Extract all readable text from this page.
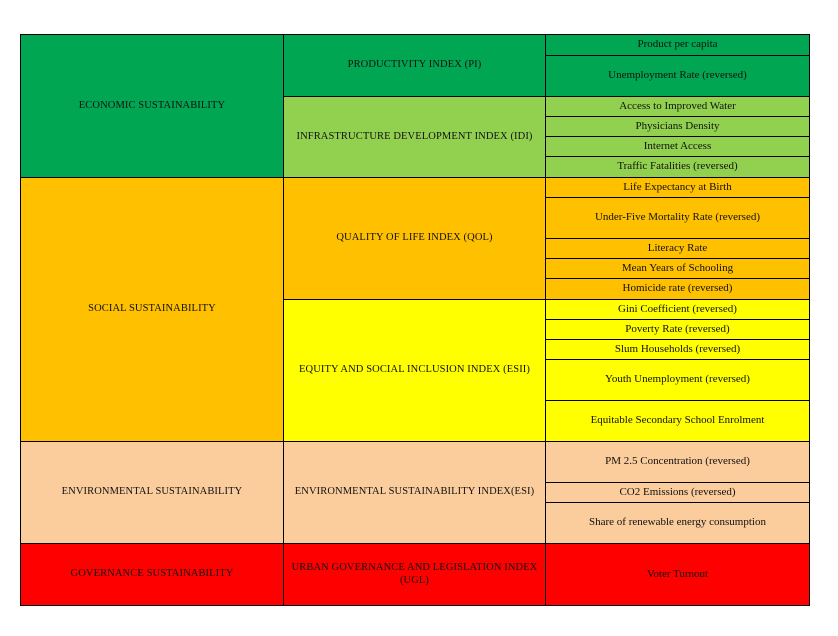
ECONOMIC SUSTAINABILITY	PRODUCTIVITY INDEX (PI)	Product per capita
		Unemployment Rate (reversed)
	INFRASTRUCTURE DEVELOPMENT INDEX (IDI)	Access to Improved Water
		Physicians Density
		Internet Access
		Traffic Fatalities (reversed)
SOCIAL SUSTAINABILITY	QUALITY OF LIFE INDEX (QOL)	Life Expectancy at Birth
		Under-Five Mortality Rate (reversed)
		Literacy Rate
		Mean Years of Schooling
		Homicide rate (reversed)
	EQUITY AND SOCIAL INCLUSION INDEX (ESII)	Gini Coefficient (reversed)
		Poverty Rate (reversed)
		Slum Households (reversed)
		Youth Unemployment (reversed)
		Equitable Secondary School Enrolment
ENVIRONMENTAL SUSTAINABILITY	ENVIRONMENTAL SUSTAINABILITY INDEX(ESI)	PM 2.5 Concentration (reversed)
		CO2 Emissions (reversed)
		Share of renewable energy consumption
GOVERNANCE SUSTAINABILITY	URBAN GOVERNANCE AND LEGISLATION INDEX (UGL)	Voter Turnout
